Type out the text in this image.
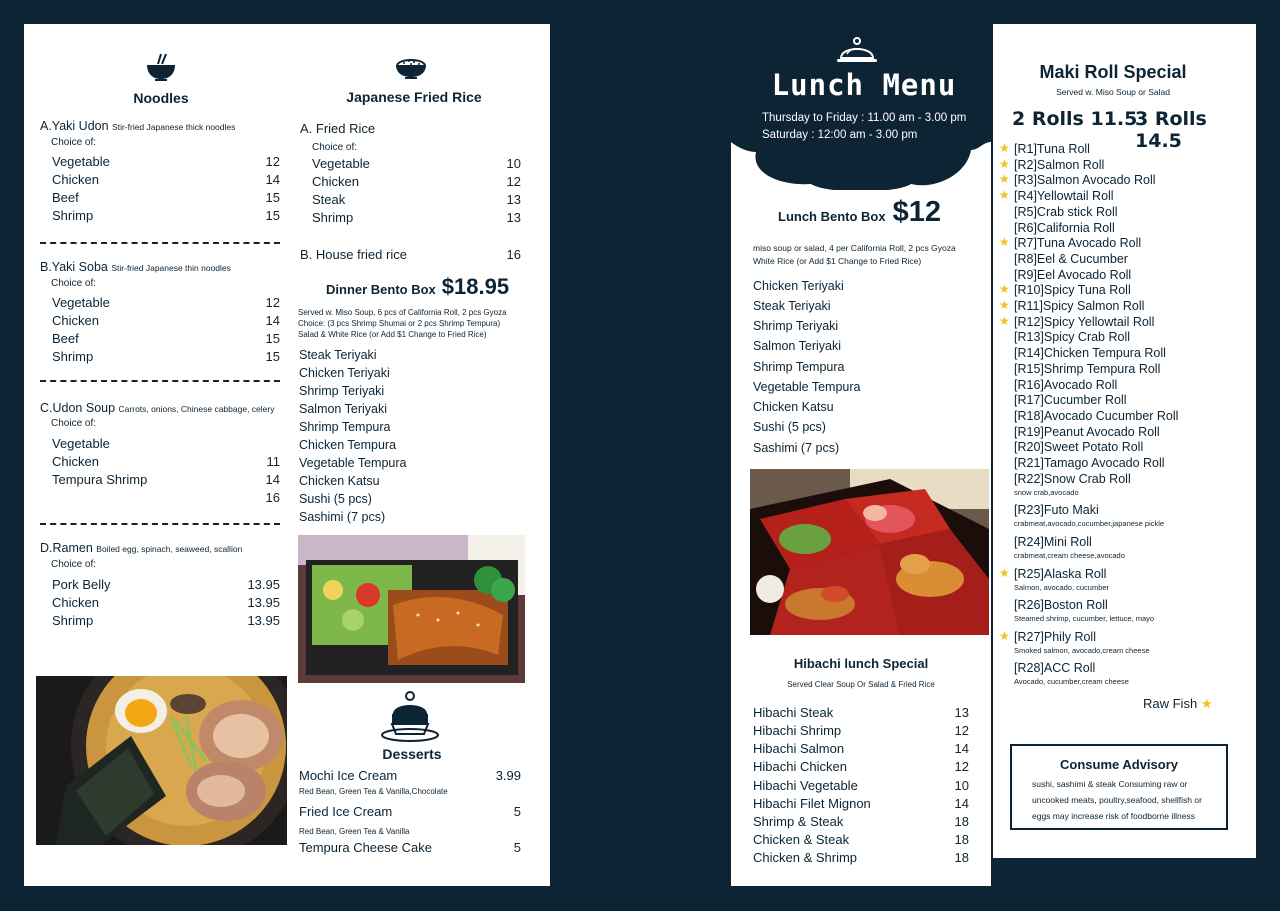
Noodles
A.Yaki Udon Stir-fried Japanese thick noodles
Choice of:
Vegetable	12
Chicken	14
Beef	15
Shrimp	15
B.Yaki Soba Stir-fried Japanese thin noodles
Choice of:
Vegetable	12
Chicken	14
Beef	15
Shrimp	15
C.Udon Soup Carrots, onions, Chinese cabbage, celery
Choice of:
Vegetable
Chicken	11
Tempura Shrimp	14
16
D.Ramen Boiled egg, spinach, seaweed, scallion
Choice of:
Pork Belly	13.95
Chicken	13.95
Shrimp	13.95
Japanese Fried Rice
A. Fried Rice
Choice of:
Vegetable	10
Chicken	12
Steak	13
Shrimp	13
B. House fried rice	16
Dinner Bento Box $18.95
Served w. Miso Soup, 6 pcs of California Roll, 2 pcs Gyoza
Choice: (3 pcs Shrimp Shumai or 2 pcs Shrimp Tempura)
Salad & White Rice (or Add $1 Change to Fried Rice)
Steak Teriyaki
Chicken Teriyaki
Shrimp Teriyaki
Salmon Teriyaki
Shrimp Tempura
Chicken Tempura
Vegetable Tempura
Chicken Katsu
Sushi (5 pcs)
Sashimi (7 pcs)
Desserts
Mochi Ice Cream	3.99
Red Bean, Green Tea & Vanilla,Chocolate
Fried Ice Cream	5
Red Bean, Green Tea & Vanilla
Tempura Cheese Cake	5
Lunch Menu
Thursday to Friday : 11.00 am - 3.00 pm
Saturday : 12:00 am - 3.00 pm
Lunch Bento Box $12
miso soup or salad, 4 per California Roll, 2 pcs Gyoza
White Rice (or Add $1 Change to Fried Rice)
Chicken Teriyaki
Steak Teriyaki
Shrimp Teriyaki
Salmon Teriyaki
Shrimp Tempura
Vegetable Tempura
Chicken Katsu
Sushi (5 pcs)
Sashimi (7 pcs)
Hibachi lunch Special
Served Clear Soup Or Salad & Fried Rice
Hibachi Steak	13
Hibachi Shrimp	12
Hibachi Salmon	14
Hibachi Chicken	12
Hibachi Vegetable	10
Hibachi Filet Mignon	14
Shrimp & Steak	18
Chicken & Steak	18
Chicken & Shrimp	18
Maki Roll Special
Served w. Miso Soup or Salad
2 Rolls 11.5
3 Rolls 14.5
★ [R1]Tuna Roll
★ [R2]Salmon Roll
★ [R3]Salmon Avocado Roll
★ [R4]Yellowtail Roll
[R5]Crab stick Roll
[R6]California Roll
★ [R7]Tuna Avocado Roll
[R8]Eel & Cucumber
[R9]Eel Avocado Roll
★ [R10]Spicy Tuna Roll
★ [R11]Spicy Salmon Roll
★ [R12]Spicy Yellowtail Roll
[R13]Spicy Crab Roll
[R14]Chicken Tempura Roll
[R15]Shrimp Tempura Roll
[R16]Avocado Roll
[R17]Cucumber Roll
[R18]Avocado Cucumber Roll
[R19]Peanut Avocado Roll
[R20]Sweet Potato Roll
[R21]Tamago Avocado Roll
[R22]Snow Crab Roll
snow crab,avocado
[R23]Futo Maki
crabmeat,avocado,cucumber,japanese pickle
[R24]Mini Roll
crabmeat,cream cheese,avocado
★ [R25]Alaska Roll
Salmon, avocado, cucumber
[R26]Boston Roll
Steamed shrimp, cucumber, lettuce, mayo
★ [R27]Phily Roll
Smoked salmon, avocado,cream cheese
[R28]ACC Roll
Avocado, cucumber,cream cheese
Raw Fish ★
Consume Advisory
sushi, sashimi & steak Consuming raw or uncooked meats, poultry,seafood, shellfish or eggs may increase risk of foodborne illness
